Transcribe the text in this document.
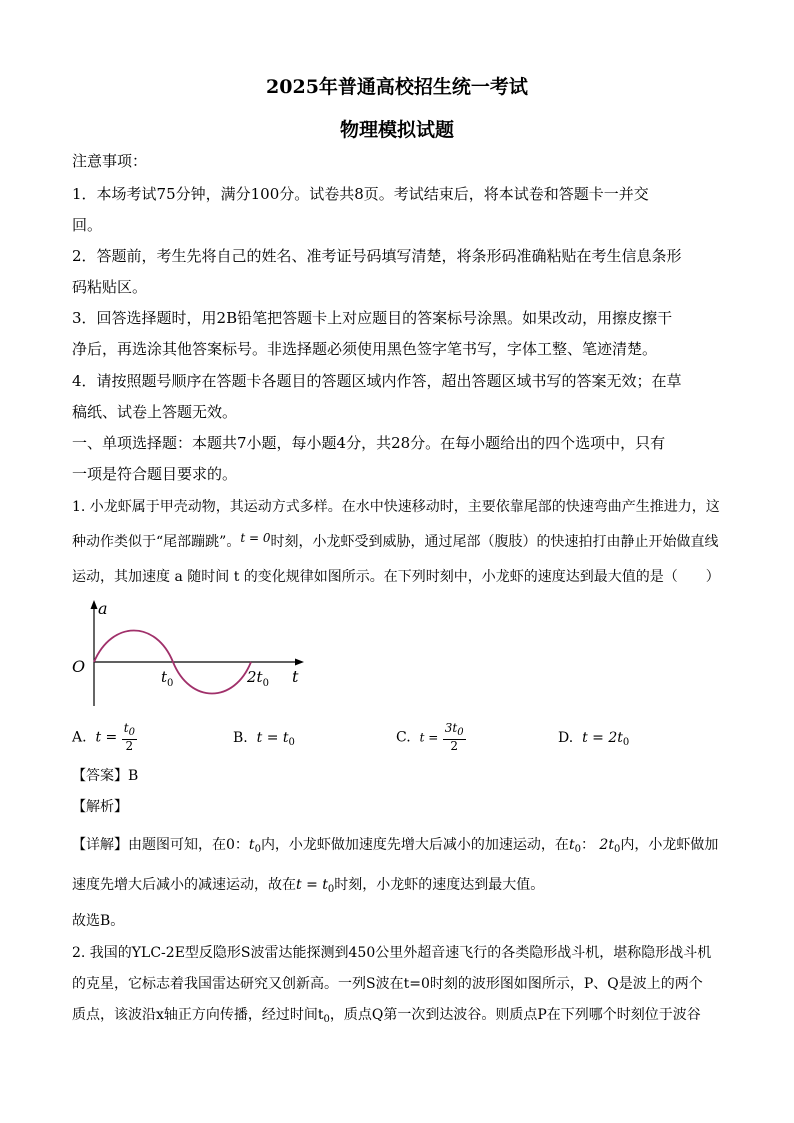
2025年普通高校招生统一考试
物理模拟试题
注意事项：
1．本场考试75分钟，满分100分。试卷共8页。考试结束后，将本试卷和答题卡一并交
回。
2．答题前，考生先将自己的姓名、准考证号码填写清楚，将条形码准确粘贴在考生信息条形
码粘贴区。
3．回答选择题时，用2B铅笔把答题卡上对应题目的答案标号涂黑。如果改动，用擦皮擦干
净后，再选涂其他答案标号。非选择题必须使用黑色签字笔书写，字体工整、笔迹清楚。
4．请按照题号顺序在答题卡各题目的答题区域内作答，超出答题区域书写的答案无效；在草
稿纸、试卷上答题无效。
一、单项选择题：本题共7小题，每小题4分，共28分。在每小题给出的四个选项中，只有
一项是符合题目要求的。
1. 小龙虾属于甲壳动物，其运动方式多样。在水中快速移动时，主要依靠尾部的快速弯曲产生推进力，这
种动作类似于“尾部蹦跳”。t = 0时刻，小龙虾受到威胁，通过尾部（腹肢）的快速拍打由静止开始做直线
运动，其加速度 a 随时间 t 的变化规律如图所示。在下列时刻中，小龙虾的速度达到最大值的是（　　）
a
O
t
$t_0$	$2t_0$
A. $t = \frac{t_0}{2}$	B. $t = t_0$	C. $t = \frac{3t_0}{2}$	D. $t = 2t_0$
【答案】B
【解析】
【详解】由题图可知，在0：$t_0$内，小龙虾做加速度先增大后减小的加速运动，在$t_0$： $2t_0$内，小龙虾做加
速度先增大后减小的减速运动，故在$t = t_0$时刻，小龙虾的速度达到最大值。
故选B。
2. 我国的YLC-2E型反隐形S波雷达能探测到450公里外超音速飞行的各类隐形战斗机，堪称隐形战斗机
的克星，它标志着我国雷达研究又创新高。一列S波在t=0时刻的波形图如图所示，P、Q是波上的两个
质点，该波沿x轴正方向传播，经过时间$t_0$，质点Q第一次到达波谷。则质点P在下列哪个时刻位于波谷
